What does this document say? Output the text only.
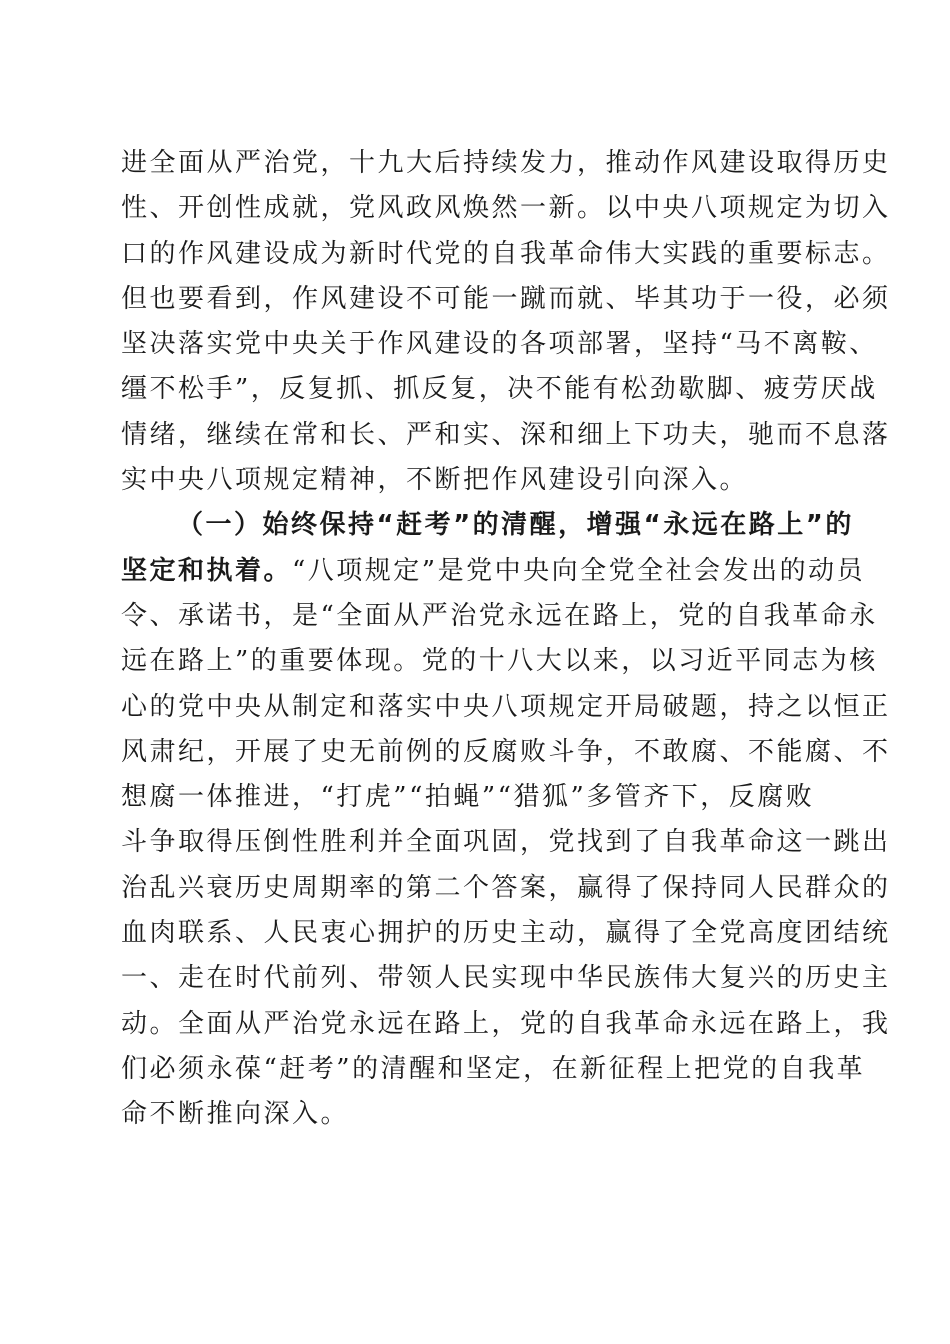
进全面从严治党，十九大后持续发力，推动作风建设取得历史
性、开创性成就，党风政风焕然一新。以中央八项规定为切入
口的作风建设成为新时代党的自我革命伟大实践的重要标志。
但也要看到，作风建设不可能一蹴而就、毕其功于一役，必须
坚决落实党中央关于作风建设的各项部署，坚持“马不离鞍、
缰不松手”，反复抓、抓反复，决不能有松劲歇脚、疲劳厌战
情绪，继续在常和长、严和实、深和细上下功夫，驰而不息落
实中央八项规定精神，不断把作风建设引向深入。
（一）始终保持“赶考”的清醒，增强“永远在路上”的
坚定和执着。“八项规定”是党中央向全党全社会发出的动员
令、承诺书，是“全面从严治党永远在路上，党的自我革命永
远在路上”的重要体现。党的十八大以来，以习近平同志为核
心的党中央从制定和落实中央八项规定开局破题，持之以恒正
风肃纪，开展了史无前例的反腐败斗争，不敢腐、不能腐、不
想腐一体推进，“打虎”“拍蝇”“猎狐”多管齐下，反腐败
斗争取得压倒性胜利并全面巩固，党找到了自我革命这一跳出
治乱兴衰历史周期率的第二个答案，赢得了保持同人民群众的
血肉联系、人民衷心拥护的历史主动，赢得了全党高度团结统
一、走在时代前列、带领人民实现中华民族伟大复兴的历史主
动。全面从严治党永远在路上，党的自我革命永远在路上，我
们必须永葆“赶考”的清醒和坚定，在新征程上把党的自我革
命不断推向深入。
